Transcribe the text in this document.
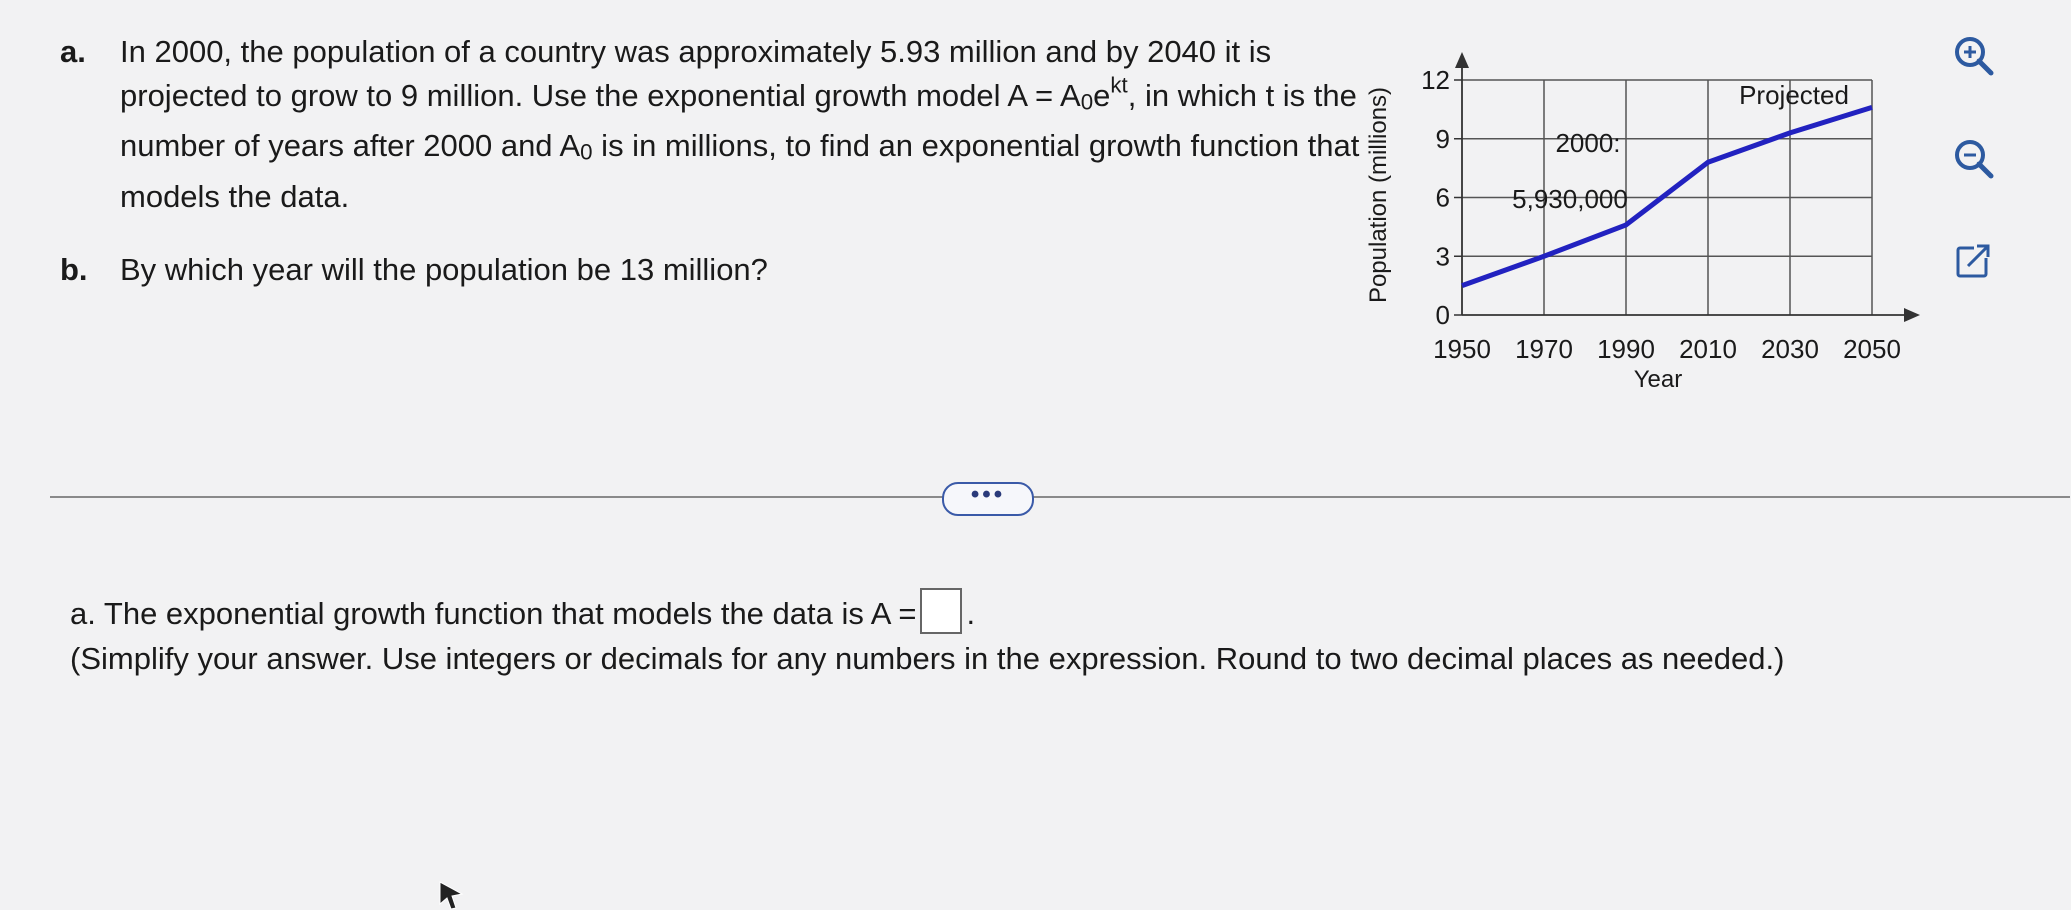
a. In 2000, the population of a country was approximately 5.93 million and by 2040 it is projected to grow to 9 million. Use the exponential growth model $A = A_0e^{kt}$, in which t is the number of years after 2000 and $A_0$ is in millions, to find an exponential growth function that models the data.
b. By which year will the population be 13 million?
0
3
6
9
12
1950 1970 1990 2010 2030 2050
Population (millions)
Year
Projected
2000:
5,930,000
•••
a. The exponential growth function that models the data is A = .
(Simplify your answer. Use integers or decimals for any numbers in the expression. Round to two decimal places as needed.)
